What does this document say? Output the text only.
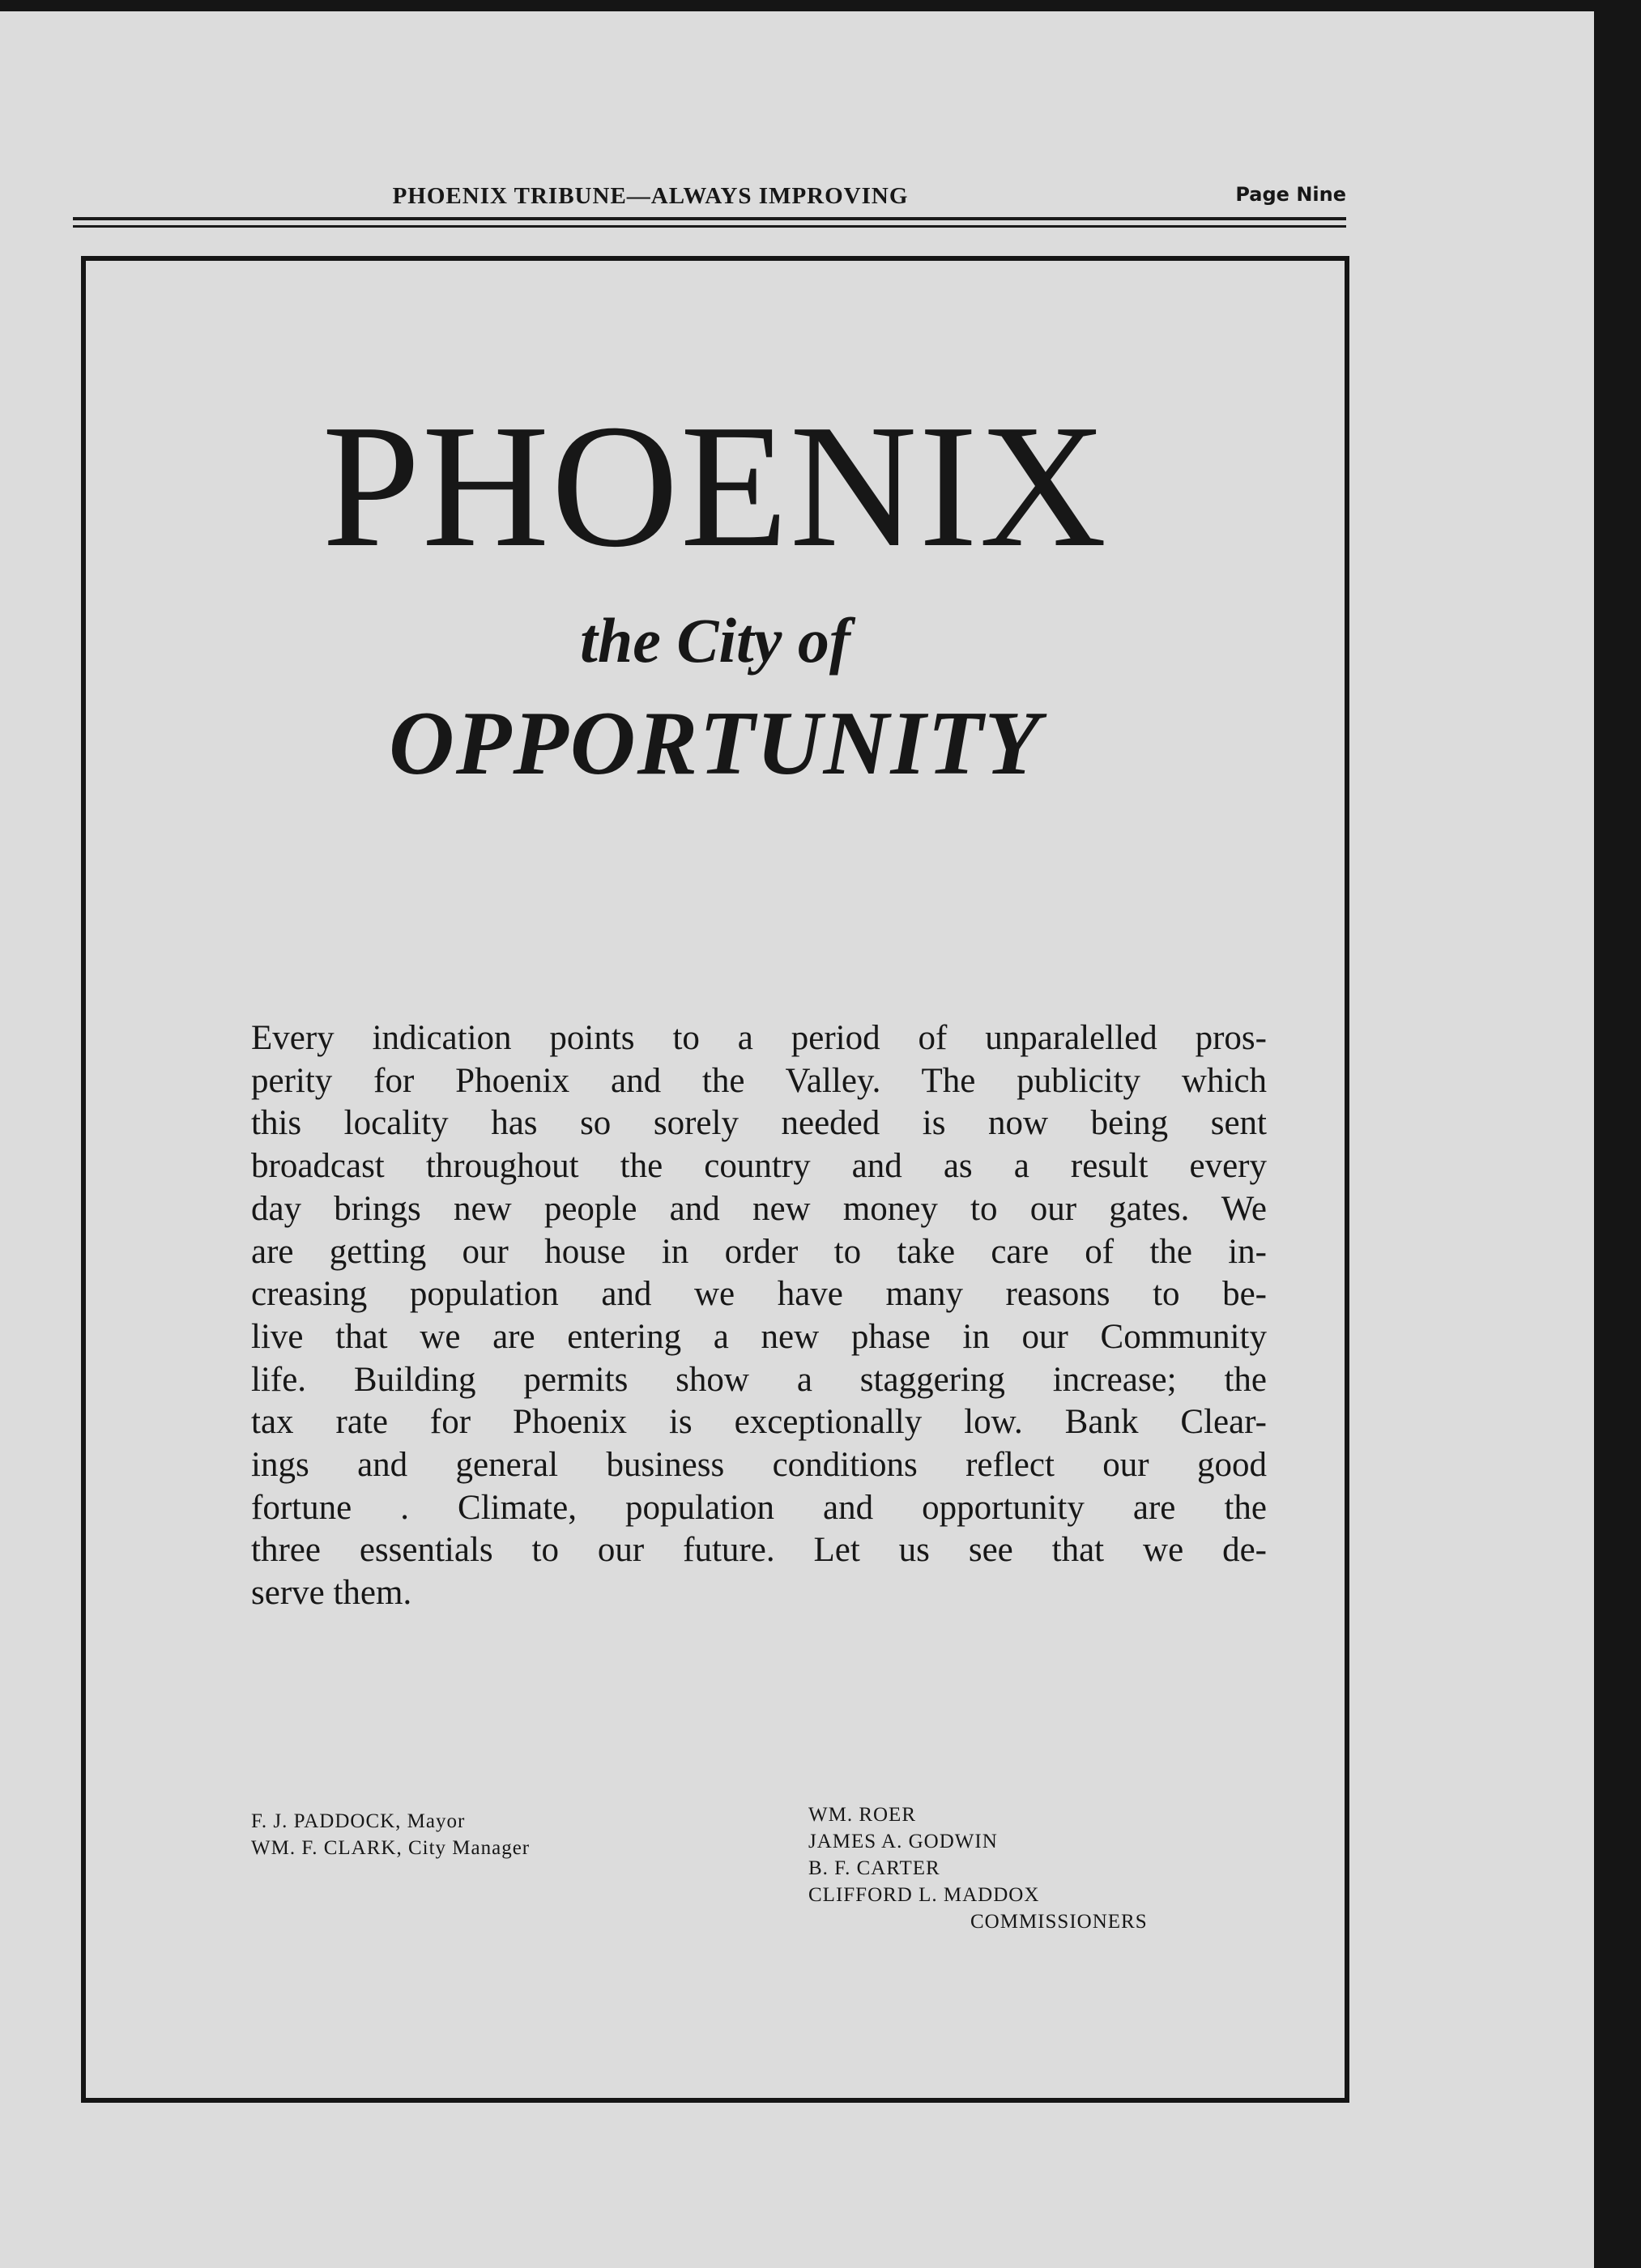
PHOENIX TRIBUNE—ALWAYS IMPROVING	Page Nine
PHOENIX
the City of
OPPORTUNITY
Every indication points to a period of unparalelled pros-
perity for Phoenix and the Valley. The publicity which
this locality has so sorely needed is now being sent
broadcast throughout the country and as a result every
day brings new people and new money to our gates. We
are getting our house in order to take care of the in-
creasing population and we have many reasons to be-
live that we are entering a new phase in our Community
life. Building permits show a staggering increase; the
tax rate for Phoenix is exceptionally low. Bank Clear-
ings and general business conditions reflect our good
fortune . Climate, population and opportunity are the
three essentials to our future. Let us see that we de-
serve them.
F. J. PADDOCK, Mayor
WM. F. CLARK, City Manager
WM. ROER
JAMES A. GODWIN
B. F. CARTER
CLIFFORD L. MADDOX
COMMISSIONERS
